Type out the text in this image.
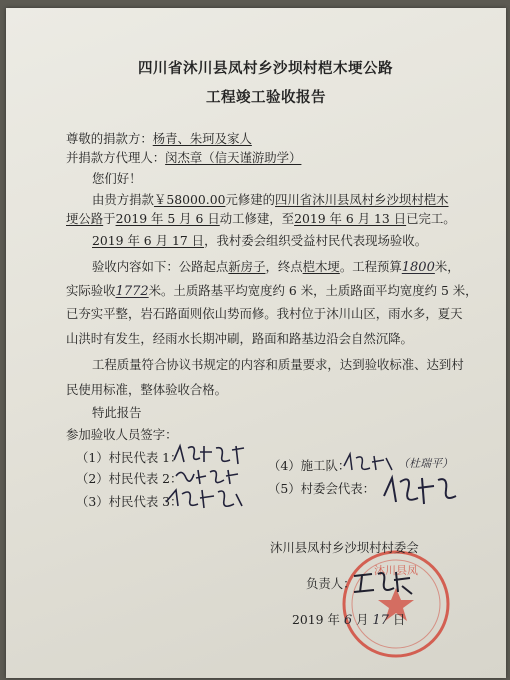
四川省沐川县凤村乡沙坝村桤木埂公路
工程竣工验收报告
尊敬的捐款方：杨青、朱珂及家人
并捐款方代理人：闵杰章（信天谨游助学）
您们好！
由贵方捐款￥58000.00元修建的四川省沐川县凤村乡沙坝村桤木
埂公路于2019 年 5 月 6 日动工修建，至2019 年 6 月 13 日已完工。
2019 年 6 月 17 日，我村委会组织受益村民代表现场验收。
验收内容如下：公路起点新房子，终点桤木埂。工程预算1800米，
实际验收1772米。土质路基平均宽度约 6 米，土质路面平均宽度约 5 米，
已夯实平整，岩石路面则依山势而修。我村位于沐川山区，雨水多，夏天
山洪时有发生，经雨水长期冲刷，路面和路基边沿会自然沉降。
工程质量符合协议书规定的内容和质量要求，达到验收标准、达到村
民使用标准，整体验收合格。
特此报告
参加验收人员签字：
（1）村民代表 1：
（2）村民代表 2：
（3）村民代表 3：
（4）施工队：
（5）村委会代表：
（杜瑞平）
沐川县凤
沐川县凤村乡沙坝村村委会
负责人：
2019 年 6 月 17 日
